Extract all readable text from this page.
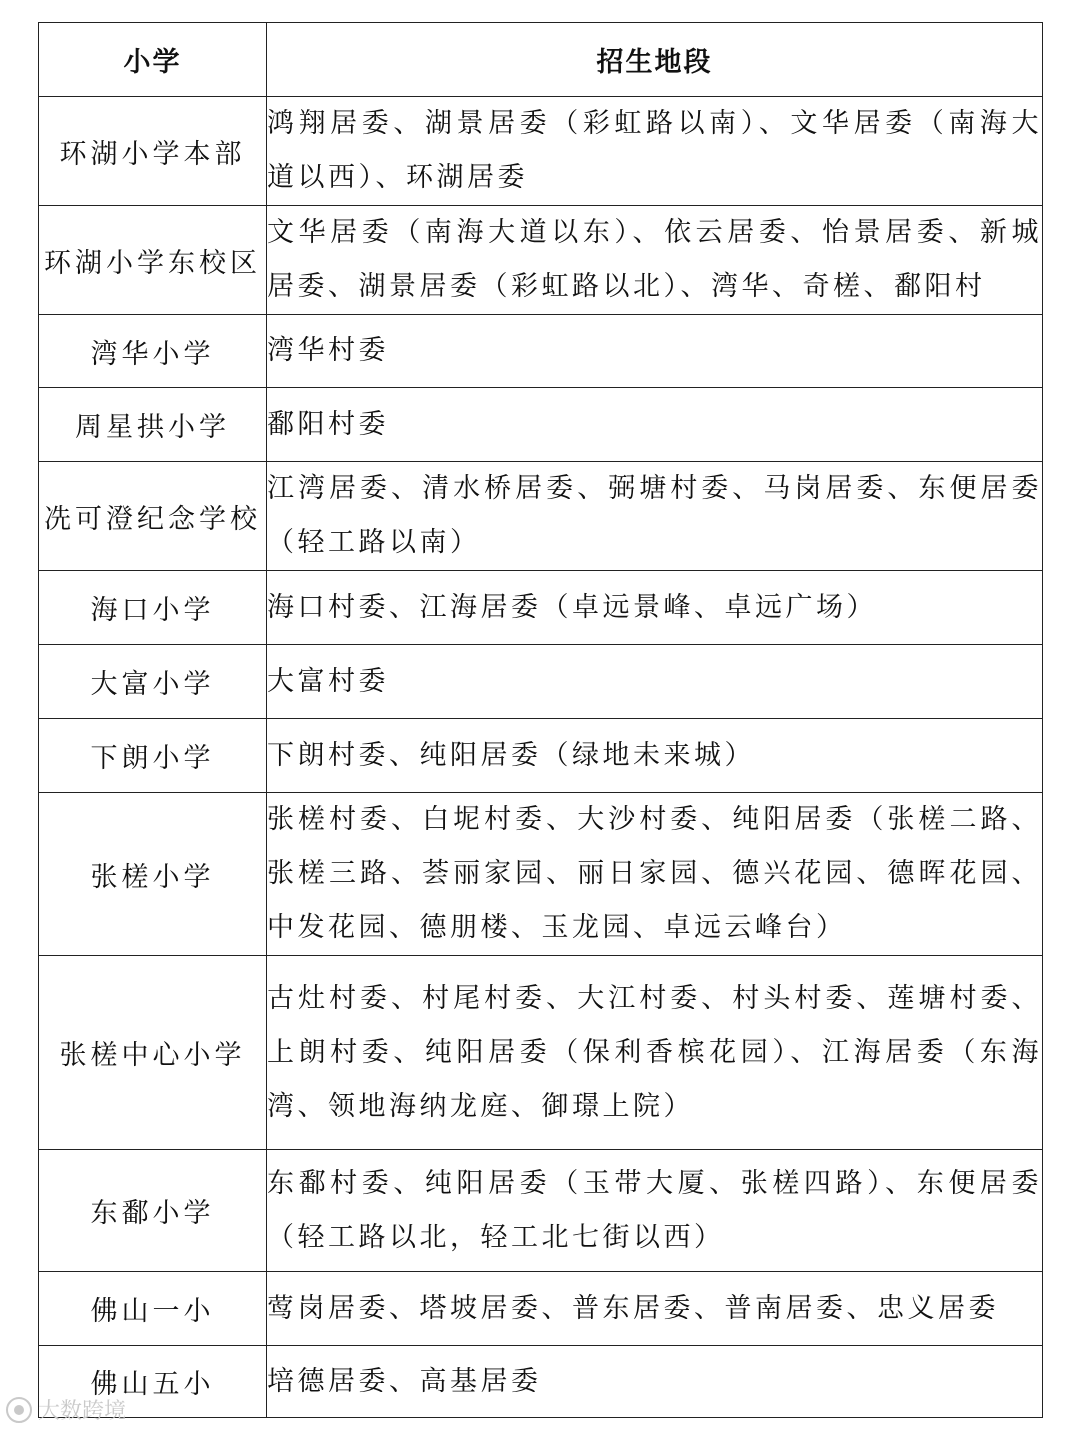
小学	招生地段
环湖小学本部	鸿翔居委、湖景居委（彩虹路以南）、文华居委（南海大道以西）、环湖居委
环湖小学东校区	文华居委（南海大道以东）、依云居委、怡景居委、新城居委、湖景居委（彩虹路以北）、湾华、奇槎、鄱阳村
湾华小学	湾华村委
周星拱小学	鄱阳村委
冼可澄纪念学校	江湾居委、清水桥居委、弼塘村委、马岗居委、东便居委（轻工路以南）
海口小学	海口村委、江海居委（卓远景峰、卓远广场）
大富小学	大富村委
下朗小学	下朗村委、纯阳居委（绿地未来城）
张槎小学	张槎村委、白坭村委、大沙村委、纯阳居委（张槎二路、张槎三路、荟丽家园、丽日家园、德兴花园、德晖花园、中发花园、德朋楼、玉龙园、卓远云峰台）
张槎中心小学	古灶村委、村尾村委、大江村委、村头村委、莲塘村委、上朗村委、纯阳居委（保利香槟花园）、江海居委（东海湾、领地海纳龙庭、御璟上院）
东鄱小学	东鄱村委、纯阳居委（玉带大厦、张槎四路）、东便居委（轻工路以北，轻工北七街以西）
佛山一小	莺岗居委、塔坡居委、普东居委、普南居委、忠义居委
佛山五小	培德居委、高基居委
大数跨境
